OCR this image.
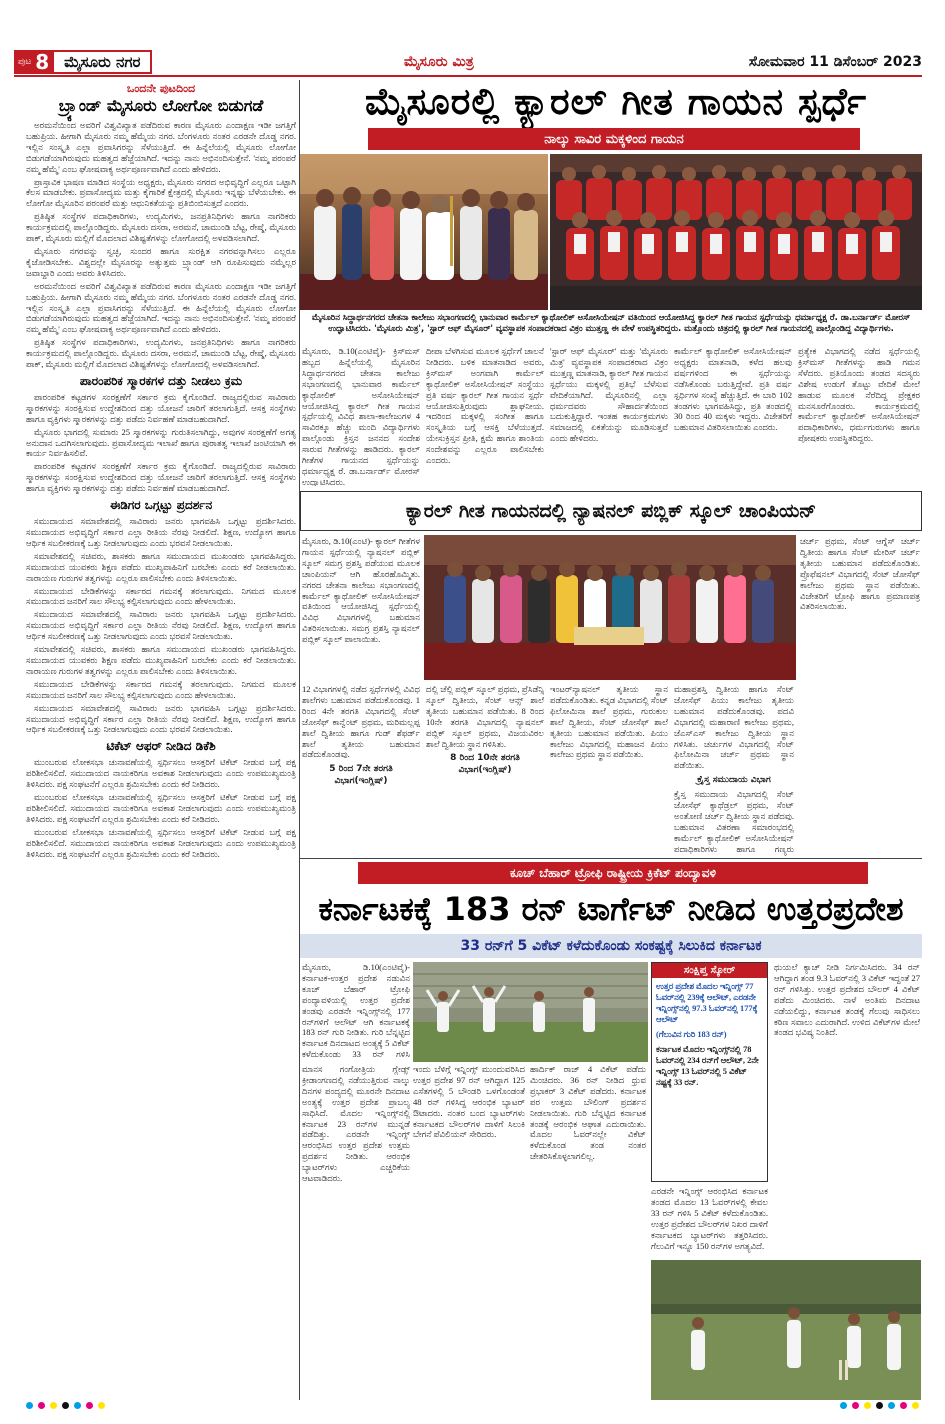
ಪುಟ 8	ಮೈಸೂರು ನಗರ	ಮೈಸೂರು ಮಿತ್ರ	ಸೋಮವಾರ 11 ಡಿಸೆಂಬರ್ 2023
ಒಂದನೇ ಪುಟದಿಂದ
ಬ್ರ್ಯಾಂಡ್ ಮೈಸೂರು ಲೋಗೋ ಬಿಡುಗಡೆ

ಅರಮನೆಯಿಂದ ಅವರಿಗೆ ವಿಶ್ವವಿಖ್ಯಾತ ಪಡೆದಿರುವ ಕಾರಣ ಮೈಸೂರು ಎಂದಾಕ್ಷಣ ಇಡೀ ಜಗತ್ತಿಗೆ ಬಹುಪ್ರಿಯ. ಹೀಗಾಗಿ ಮೈಸೂರು ನಮ್ಮ ಹೆಮ್ಮೆಯ ನಗರ. ಬೆಂಗಳೂರು ನಂತರ ಎರಡನೇ ದೊಡ್ಡ ನಗರ. ಇಲ್ಲಿನ ಸಂಸ್ಕೃತಿ ಎಲ್ಲಾ ಪ್ರವಾಸಿಗರನ್ನು ಸೆಳೆಯುತ್ತಿದೆ. ಈ ಹಿನ್ನೆಲೆಯಲ್ಲಿ ಮೈಸೂರು ಲೋಗೋ ಬಿಡುಗಡೆಯಾಗಿರುವುದು ಮಹತ್ವದ ಹೆಜ್ಜೆಯಾಗಿದೆ. ಇದನ್ನು ನಾನು ಅಭಿನಂದಿಸುತ್ತೇನೆ. 'ನಮ್ಮ ಪರಂಪರೆ ನಮ್ಮ ಹೆಮ್ಮೆ' ಎಂಬ ಘೋಷವಾಕ್ಯ ಅರ್ಥಪೂರ್ಣವಾಗಿದೆ ಎಂದು ಹೇಳಿದರು.

ಪ್ರಾಸ್ತಾವಿಕ ಭಾಷಣ ಮಾಡಿದ ಸಂಸ್ಥೆಯ ಅಧ್ಯಕ್ಷರು, ಮೈಸೂರು ನಗರದ ಅಭಿವೃದ್ಧಿಗೆ ಎಲ್ಲರೂ ಒಟ್ಟಾಗಿ ಕೆಲಸ ಮಾಡಬೇಕು. ಪ್ರವಾಸೋದ್ಯಮ ಮತ್ತು ಕೈಗಾರಿಕೆ ಕ್ಷೇತ್ರದಲ್ಲಿ ಮೈಸೂರು ಇನ್ನಷ್ಟು ಬೆಳೆಯಬೇಕು. ಈ ಲೋಗೋ ಮೈಸೂರಿನ ಪರಂಪರೆ ಮತ್ತು ಆಧುನಿಕತೆಯನ್ನು ಪ್ರತಿಬಿಂಬಿಸುತ್ತದೆ ಎಂದರು.

ಪ್ರತಿಷ್ಠಿತ ಸಂಸ್ಥೆಗಳ ಪದಾಧಿಕಾರಿಗಳು, ಉದ್ಯಮಿಗಳು, ಜನಪ್ರತಿನಿಧಿಗಳು ಹಾಗೂ ನಾಗರಿಕರು ಕಾರ್ಯಕ್ರಮದಲ್ಲಿ ಪಾಲ್ಗೊಂಡಿದ್ದರು. ಮೈಸೂರು ದಸರಾ, ಅರಮನೆ, ಚಾಮುಂಡಿ ಬೆಟ್ಟ, ರೇಷ್ಮೆ, ಮೈಸೂರು ಪಾಕ್, ಮೈಸೂರು ಮಲ್ಲಿಗೆ ಮೊದಲಾದ ವಿಶಿಷ್ಟತೆಗಳನ್ನು ಲೋಗೋದಲ್ಲಿ ಅಳವಡಿಸಲಾಗಿದೆ.

ಮೈಸೂರು ನಗರವನ್ನು ಸ್ವಚ್ಛ, ಸುಂದರ ಹಾಗೂ ಸುರಕ್ಷಿತ ನಗರವನ್ನಾಗಿಸಲು ಎಲ್ಲರೂ ಕೈಜೋಡಿಸಬೇಕು. ವಿಶ್ವದಲ್ಲೇ ಮೈಸೂರನ್ನು ಅತ್ಯುತ್ತಮ ಬ್ರ್ಯಾಂಡ್ ಆಗಿ ರೂಪಿಸುವುದು ನಮ್ಮೆಲ್ಲರ ಜವಾಬ್ದಾರಿ ಎಂದು ಅವರು ತಿಳಿಸಿದರು.

ಅರಮನೆಯಿಂದ ಅವರಿಗೆ ವಿಶ್ವವಿಖ್ಯಾತ ಪಡೆದಿರುವ ಕಾರಣ ಮೈಸೂರು ಎಂದಾಕ್ಷಣ ಇಡೀ ಜಗತ್ತಿಗೆ ಬಹುಪ್ರಿಯ. ಹೀಗಾಗಿ ಮೈಸೂರು ನಮ್ಮ ಹೆಮ್ಮೆಯ ನಗರ. ಬೆಂಗಳೂರು ನಂತರ ಎರಡನೇ ದೊಡ್ಡ ನಗರ. ಇಲ್ಲಿನ ಸಂಸ್ಕೃತಿ ಎಲ್ಲಾ ಪ್ರವಾಸಿಗರನ್ನು ಸೆಳೆಯುತ್ತಿದೆ. ಈ ಹಿನ್ನೆಲೆಯಲ್ಲಿ ಮೈಸೂರು ಲೋಗೋ ಬಿಡುಗಡೆಯಾಗಿರುವುದು ಮಹತ್ವದ ಹೆಜ್ಜೆಯಾಗಿದೆ. ಇದನ್ನು ನಾನು ಅಭಿನಂದಿಸುತ್ತೇನೆ. 'ನಮ್ಮ ಪರಂಪರೆ ನಮ್ಮ ಹೆಮ್ಮೆ' ಎಂಬ ಘೋಷವಾಕ್ಯ ಅರ್ಥಪೂರ್ಣವಾಗಿದೆ ಎಂದು ಹೇಳಿದರು.

ಪ್ರತಿಷ್ಠಿತ ಸಂಸ್ಥೆಗಳ ಪದಾಧಿಕಾರಿಗಳು, ಉದ್ಯಮಿಗಳು, ಜನಪ್ರತಿನಿಧಿಗಳು ಹಾಗೂ ನಾಗರಿಕರು ಕಾರ್ಯಕ್ರಮದಲ್ಲಿ ಪಾಲ್ಗೊಂಡಿದ್ದರು. ಮೈಸೂರು ದಸರಾ, ಅರಮನೆ, ಚಾಮುಂಡಿ ಬೆಟ್ಟ, ರೇಷ್ಮೆ, ಮೈಸೂರು ಪಾಕ್, ಮೈಸೂರು ಮಲ್ಲಿಗೆ ಮೊದಲಾದ ವಿಶಿಷ್ಟತೆಗಳನ್ನು ಲೋಗೋದಲ್ಲಿ ಅಳವಡಿಸಲಾಗಿದೆ.

ಪಾರಂಪರಿಕ ಸ್ಮಾರಕಗಳ ದತ್ತು ನೀಡಲು ಕ್ರಮ

ಪಾರಂಪರಿಕ ಕಟ್ಟಡಗಳ ಸಂರಕ್ಷಣೆಗೆ ಸರ್ಕಾರ ಕ್ರಮ ಕೈಗೊಂಡಿದೆ. ರಾಜ್ಯದಲ್ಲಿರುವ ಸಾವಿರಾರು ಸ್ಮಾರಕಗಳನ್ನು ಸಂರಕ್ಷಿಸುವ ಉದ್ದೇಶದಿಂದ ದತ್ತು ಯೋಜನೆ ಜಾರಿಗೆ ತರಲಾಗುತ್ತಿದೆ. ಆಸಕ್ತ ಸಂಸ್ಥೆಗಳು ಹಾಗೂ ವ್ಯಕ್ತಿಗಳು ಸ್ಮಾರಕಗಳನ್ನು ದತ್ತು ಪಡೆದು ನಿರ್ವಹಣೆ ಮಾಡಬಹುದಾಗಿದೆ.

ಮೈಸೂರು ಭಾಗದಲ್ಲಿ ಸುಮಾರು 25 ಸ್ಮಾರಕಗಳನ್ನು ಗುರುತಿಸಲಾಗಿದ್ದು, ಅವುಗಳ ಸಂರಕ್ಷಣೆಗೆ ಅಗತ್ಯ ಅನುದಾನ ಒದಗಿಸಲಾಗುವುದು. ಪ್ರವಾಸೋದ್ಯಮ ಇಲಾಖೆ ಹಾಗೂ ಪುರಾತತ್ವ ಇಲಾಖೆ ಜಂಟಿಯಾಗಿ ಈ ಕಾರ್ಯ ನಿರ್ವಹಿಸಲಿವೆ.

ಪಾರಂಪರಿಕ ಕಟ್ಟಡಗಳ ಸಂರಕ್ಷಣೆಗೆ ಸರ್ಕಾರ ಕ್ರಮ ಕೈಗೊಂಡಿದೆ. ರಾಜ್ಯದಲ್ಲಿರುವ ಸಾವಿರಾರು ಸ್ಮಾರಕಗಳನ್ನು ಸಂರಕ್ಷಿಸುವ ಉದ್ದೇಶದಿಂದ ದತ್ತು ಯೋಜನೆ ಜಾರಿಗೆ ತರಲಾಗುತ್ತಿದೆ. ಆಸಕ್ತ ಸಂಸ್ಥೆಗಳು ಹಾಗೂ ವ್ಯಕ್ತಿಗಳು ಸ್ಮಾರಕಗಳನ್ನು ದತ್ತು ಪಡೆದು ನಿರ್ವಹಣೆ ಮಾಡಬಹುದಾಗಿದೆ.

ಈಡಿಗರ ಒಗ್ಗಟ್ಟು ಪ್ರದರ್ಶನ

ಸಮುದಾಯದ ಸಮಾವೇಶದಲ್ಲಿ ಸಾವಿರಾರು ಜನರು ಭಾಗವಹಿಸಿ ಒಗ್ಗಟ್ಟು ಪ್ರದರ್ಶಿಸಿದರು. ಸಮುದಾಯದ ಅಭಿವೃದ್ಧಿಗೆ ಸರ್ಕಾರ ಎಲ್ಲಾ ರೀತಿಯ ನೆರವು ನೀಡಲಿದೆ. ಶಿಕ್ಷಣ, ಉದ್ಯೋಗ ಹಾಗೂ ಆರ್ಥಿಕ ಸಬಲೀಕರಣಕ್ಕೆ ಒತ್ತು ನೀಡಲಾಗುವುದು ಎಂದು ಭರವಸೆ ನೀಡಲಾಯಿತು.

ಸಮಾವೇಶದಲ್ಲಿ ಸಚಿವರು, ಶಾಸಕರು ಹಾಗೂ ಸಮುದಾಯದ ಮುಖಂಡರು ಭಾಗವಹಿಸಿದ್ದರು. ಸಮುದಾಯದ ಯುವಕರು ಶಿಕ್ಷಣ ಪಡೆದು ಮುಖ್ಯವಾಹಿನಿಗೆ ಬರಬೇಕು ಎಂದು ಕರೆ ನೀಡಲಾಯಿತು. ನಾರಾಯಣ ಗುರುಗಳ ತತ್ವಗಳನ್ನು ಎಲ್ಲರೂ ಪಾಲಿಸಬೇಕು ಎಂದು ತಿಳಿಸಲಾಯಿತು.

ಸಮುದಾಯದ ಬೇಡಿಕೆಗಳನ್ನು ಸರ್ಕಾರದ ಗಮನಕ್ಕೆ ತರಲಾಗುವುದು. ನಿಗಮದ ಮೂಲಕ ಸಮುದಾಯದ ಜನರಿಗೆ ಸಾಲ ಸೌಲಭ್ಯ ಕಲ್ಪಿಸಲಾಗುವುದು ಎಂದು ಹೇಳಲಾಯಿತು.

ಸಮುದಾಯದ ಸಮಾವೇಶದಲ್ಲಿ ಸಾವಿರಾರು ಜನರು ಭಾಗವಹಿಸಿ ಒಗ್ಗಟ್ಟು ಪ್ರದರ್ಶಿಸಿದರು. ಸಮುದಾಯದ ಅಭಿವೃದ್ಧಿಗೆ ಸರ್ಕಾರ ಎಲ್ಲಾ ರೀತಿಯ ನೆರವು ನೀಡಲಿದೆ. ಶಿಕ್ಷಣ, ಉದ್ಯೋಗ ಹಾಗೂ ಆರ್ಥಿಕ ಸಬಲೀಕರಣಕ್ಕೆ ಒತ್ತು ನೀಡಲಾಗುವುದು ಎಂದು ಭರವಸೆ ನೀಡಲಾಯಿತು.

ಸಮಾವೇಶದಲ್ಲಿ ಸಚಿವರು, ಶಾಸಕರು ಹಾಗೂ ಸಮುದಾಯದ ಮುಖಂಡರು ಭಾಗವಹಿಸಿದ್ದರು. ಸಮುದಾಯದ ಯುವಕರು ಶಿಕ್ಷಣ ಪಡೆದು ಮುಖ್ಯವಾಹಿನಿಗೆ ಬರಬೇಕು ಎಂದು ಕರೆ ನೀಡಲಾಯಿತು. ನಾರಾಯಣ ಗುರುಗಳ ತತ್ವಗಳನ್ನು ಎಲ್ಲರೂ ಪಾಲಿಸಬೇಕು ಎಂದು ತಿಳಿಸಲಾಯಿತು.

ಸಮುದಾಯದ ಬೇಡಿಕೆಗಳನ್ನು ಸರ್ಕಾರದ ಗಮನಕ್ಕೆ ತರಲಾಗುವುದು. ನಿಗಮದ ಮೂಲಕ ಸಮುದಾಯದ ಜನರಿಗೆ ಸಾಲ ಸೌಲಭ್ಯ ಕಲ್ಪಿಸಲಾಗುವುದು ಎಂದು ಹೇಳಲಾಯಿತು.

ಸಮುದಾಯದ ಸಮಾವೇಶದಲ್ಲಿ ಸಾವಿರಾರು ಜನರು ಭಾಗವಹಿಸಿ ಒಗ್ಗಟ್ಟು ಪ್ರದರ್ಶಿಸಿದರು. ಸಮುದಾಯದ ಅಭಿವೃದ್ಧಿಗೆ ಸರ್ಕಾರ ಎಲ್ಲಾ ರೀತಿಯ ನೆರವು ನೀಡಲಿದೆ. ಶಿಕ್ಷಣ, ಉದ್ಯೋಗ ಹಾಗೂ ಆರ್ಥಿಕ ಸಬಲೀಕರಣಕ್ಕೆ ಒತ್ತು ನೀಡಲಾಗುವುದು ಎಂದು ಭರವಸೆ ನೀಡಲಾಯಿತು.

ಟಿಕೆಟ್ ಆಫರ್ ನೀಡಿದ ಡಿಕೆಶಿ

ಮುಂಬರುವ ಲೋಕಸಭಾ ಚುನಾವಣೆಯಲ್ಲಿ ಸ್ಪರ್ಧಿಸಲು ಆಸಕ್ತರಿಗೆ ಟಿಕೆಟ್ ನೀಡುವ ಬಗ್ಗೆ ಪಕ್ಷ ಪರಿಶೀಲಿಸಲಿದೆ. ಸಮುದಾಯದ ನಾಯಕರಿಗೂ ಅವಕಾಶ ನೀಡಲಾಗುವುದು ಎಂದು ಉಪಮುಖ್ಯಮಂತ್ರಿ ತಿಳಿಸಿದರು. ಪಕ್ಷ ಸಂಘಟನೆಗೆ ಎಲ್ಲರೂ ಶ್ರಮಿಸಬೇಕು ಎಂದು ಕರೆ ನೀಡಿದರು.

ಮುಂಬರುವ ಲೋಕಸಭಾ ಚುನಾವಣೆಯಲ್ಲಿ ಸ್ಪರ್ಧಿಸಲು ಆಸಕ್ತರಿಗೆ ಟಿಕೆಟ್ ನೀಡುವ ಬಗ್ಗೆ ಪಕ್ಷ ಪರಿಶೀಲಿಸಲಿದೆ. ಸಮುದಾಯದ ನಾಯಕರಿಗೂ ಅವಕಾಶ ನೀಡಲಾಗುವುದು ಎಂದು ಉಪಮುಖ್ಯಮಂತ್ರಿ ತಿಳಿಸಿದರು. ಪಕ್ಷ ಸಂಘಟನೆಗೆ ಎಲ್ಲರೂ ಶ್ರಮಿಸಬೇಕು ಎಂದು ಕರೆ ನೀಡಿದರು.

ಮುಂಬರುವ ಲೋಕಸಭಾ ಚುನಾವಣೆಯಲ್ಲಿ ಸ್ಪರ್ಧಿಸಲು ಆಸಕ್ತರಿಗೆ ಟಿಕೆಟ್ ನೀಡುವ ಬಗ್ಗೆ ಪಕ್ಷ ಪರಿಶೀಲಿಸಲಿದೆ. ಸಮುದಾಯದ ನಾಯಕರಿಗೂ ಅವಕಾಶ ನೀಡಲಾಗುವುದು ಎಂದು ಉಪಮುಖ್ಯಮಂತ್ರಿ ತಿಳಿಸಿದರು. ಪಕ್ಷ ಸಂಘಟನೆಗೆ ಎಲ್ಲರೂ ಶ್ರಮಿಸಬೇಕು ಎಂದು ಕರೆ ನೀಡಿದರು.

ಮೈಸೂರಲ್ಲಿ ಕ್ಯಾರಲ್ ಗೀತ ಗಾಯನ ಸ್ಪರ್ಧೆ
ನಾಲ್ಕು ಸಾವಿರ ಮಕ್ಕಳಿಂದ ಗಾಯನ
ಮೈಸೂರಿನ ಸಿದ್ಧಾರ್ಥನಗರದ ಚೇತನಾ ಕಾಲೇಜು ಸಭಾಂಗಣದಲ್ಲಿ ಭಾನುವಾರ ಕಾರ್ಮೆಲ್ ಕ್ಯಾಥೋಲಿಕ್ ಅಸೋಸಿಯೇಷನ್ ವತಿಯಿಂದ ಆಯೋಜಿಸಿದ್ದ ಕ್ಯಾರಲ್ ಗೀತ ಗಾಯನ ಸ್ಪರ್ಧೆಯನ್ನು ಧರ್ಮಾಧ್ಯಕ್ಷ ರೆ. ಡಾ.ಬರ್ನಾರ್ಡ್ ಮೋರಸ್ ಉದ್ಘಾಟಿಸಿದರು. 'ಮೈಸೂರು ಮಿತ್ರ', 'ಸ್ಟಾರ್ ಆಫ್ ಮೈಸೂರ್' ವ್ಯವಸ್ಥಾಪಕ ಸಂಪಾದಕರಾದ ವಿಕ್ರಂ ಮುತ್ತಣ್ಣ ಈ ವೇಳೆ ಉಪಸ್ಥಿತರಿದ್ದರು. ಮತ್ತೊಂದು ಚಿತ್ರದಲ್ಲಿ ಕ್ಯಾರಲ್ ಗೀತ ಗಾಯನದಲ್ಲಿ ಪಾಲ್ಗೊಂಡಿದ್ದ ವಿದ್ಯಾರ್ಥಿಗಳು.
ಮೈಸೂರು, ಡಿ.10(ಎಂಟಿವೈ)- ಕ್ರಿಸ್‍ಮಸ್ ಹಬ್ಬದ ಹಿನ್ನೆಲೆಯಲ್ಲಿ ಮೈಸೂರಿನ ಸಿದ್ಧಾರ್ಥನಗರದ ಚೇತನಾ ಕಾಲೇಜು ಸಭಾಂಗಣದಲ್ಲಿ ಭಾನುವಾರ ಕಾರ್ಮೆಲ್ ಕ್ಯಾಥೋಲಿಕ್ ಅಸೋಸಿಯೇಷನ್ ಆಯೋಜಿಸಿದ್ದ ಕ್ಯಾರಲ್ ಗೀತ ಗಾಯನ ಸ್ಪರ್ಧೆಯಲ್ಲಿ ವಿವಿಧ ಶಾಲಾ-ಕಾಲೇಜುಗಳ 4 ಸಾವಿರಕ್ಕೂ ಹೆಚ್ಚು ಮಂದಿ ವಿದ್ಯಾರ್ಥಿಗಳು ಪಾಲ್ಗೊಂಡು ಕ್ರಿಸ್ತನ ಜನನದ ಸಂದೇಶ ಸಾರುವ ಗೀತೆಗಳನ್ನು ಹಾಡಿದರು. ಕ್ಯಾರಲ್ ಗೀತೆಗಳ ಗಾಯನದ ಸ್ಪರ್ಧೆಯನ್ನು ಧರ್ಮಾಧ್ಯಕ್ಷ ರೆ. ಡಾ.ಬರ್ನಾರ್ಡ್ ಮೋರಸ್ ಉದ್ಘಾಟಿಸಿದರು.
ದೀಪಾ ಬೆಳಗಿಸುವ ಮೂಲಕ ಸ್ಪರ್ಧೆಗೆ ಚಾಲನೆ ನೀಡಿದರು. ಬಳಿಕ ಮಾತನಾಡಿದ ಅವರು, ಕ್ರಿಸ್‍ಮಸ್ ಅಂಗವಾಗಿ ಕಾರ್ಮೆಲ್ ಕ್ಯಾಥೋಲಿಕ್ ಅಸೋಸಿಯೇಷನ್ ಸಂಸ್ಥೆಯು ಪ್ರತಿ ವರ್ಷ ಕ್ಯಾರಲ್ ಗೀತ ಗಾಯನ ಸ್ಪರ್ಧೆ ಆಯೋಜಿಸುತ್ತಿರುವುದು ಶ್ಲಾಘನೀಯ. ಇದರಿಂದ ಮಕ್ಕಳಲ್ಲಿ ಸಂಗೀತ ಹಾಗೂ ಸಂಸ್ಕೃತಿಯ ಬಗ್ಗೆ ಆಸಕ್ತಿ ಬೆಳೆಯುತ್ತದೆ. ಯೇಸುಕ್ರಿಸ್ತನ ಪ್ರೀತಿ, ಕ್ಷಮೆ ಹಾಗೂ ಶಾಂತಿಯ ಸಂದೇಶವನ್ನು ಎಲ್ಲರೂ ಪಾಲಿಸಬೇಕು ಎಂದರು.
'ಸ್ಟಾರ್ ಆಫ್ ಮೈಸೂರ್' ಮತ್ತು 'ಮೈಸೂರು ಮಿತ್ರ' ವ್ಯವಸ್ಥಾಪಕ ಸಂಪಾದಕರಾದ ವಿಕ್ರಂ ಮುತ್ತಣ್ಣ ಮಾತನಾಡಿ, ಕ್ಯಾರಲ್ ಗೀತ ಗಾಯನ ಸ್ಪರ್ಧೆಯು ಮಕ್ಕಳಲ್ಲಿ ಪ್ರತಿಭೆ ಬೆಳೆಸುವ ವೇದಿಕೆಯಾಗಿದೆ. ಮೈಸೂರಿನಲ್ಲಿ ಎಲ್ಲಾ ಧರ್ಮದವರು ಸೌಹಾರ್ದತೆಯಿಂದ ಬದುಕುತ್ತಿದ್ದಾರೆ. ಇಂತಹ ಕಾರ್ಯಕ್ರಮಗಳು ಸಮಾಜದಲ್ಲಿ ಏಕತೆಯನ್ನು ಮೂಡಿಸುತ್ತವೆ ಎಂದು ಹೇಳಿದರು.
ಕಾರ್ಮೆಲ್ ಕ್ಯಾಥೋಲಿಕ್ ಅಸೋಸಿಯೇಷನ್ ಅಧ್ಯಕ್ಷರು ಮಾತನಾಡಿ, ಕಳೆದ ಹಲವು ವರ್ಷಗಳಿಂದ ಈ ಸ್ಪರ್ಧೆಯನ್ನು ನಡೆಸಿಕೊಂಡು ಬರುತ್ತಿದ್ದೇವೆ. ಪ್ರತಿ ವರ್ಷ ಸ್ಪರ್ಧಿಗಳ ಸಂಖ್ಯೆ ಹೆಚ್ಚುತ್ತಿದೆ. ಈ ಬಾರಿ 102 ತಂಡಗಳು ಭಾಗವಹಿಸಿದ್ದು, ಪ್ರತಿ ತಂಡದಲ್ಲಿ 30 ರಿಂದ 40 ಮಕ್ಕಳು ಇದ್ದರು. ವಿಜೇತರಿಗೆ ಬಹುಮಾನ ವಿತರಿಸಲಾಯಿತು ಎಂದರು.
ಪ್ರತ್ಯೇಕ ವಿಭಾಗದಲ್ಲಿ ನಡೆದ ಸ್ಪರ್ಧೆಯಲ್ಲಿ ಕ್ರಿಸ್‍ಮಸ್ ಗೀತೆಗಳನ್ನು ಹಾಡಿ ಗಮನ ಸೆಳೆದರು. ಪ್ರತಿಯೊಂದು ತಂಡದ ಸದಸ್ಯರು ವಿಶೇಷ ಉಡುಗೆ ತೊಟ್ಟು ವೇದಿಕೆ ಮೇಲೆ ಹಾಡುವ ಮೂಲಕ ನೆರೆದಿದ್ದ ಪ್ರೇಕ್ಷಕರ ಮನಸೂರೆಗೊಂಡರು. ಕಾರ್ಯಕ್ರಮದಲ್ಲಿ ಕಾರ್ಮೆಲ್ ಕ್ಯಾಥೋಲಿಕ್ ಅಸೋಸಿಯೇಷನ್ ಪದಾಧಿಕಾರಿಗಳು, ಧರ್ಮಗುರುಗಳು ಹಾಗೂ ಪೋಷಕರು ಉಪಸ್ಥಿತರಿದ್ದರು.
ಕ್ಯಾರಲ್ ಗೀತ ಗಾಯನದಲ್ಲಿ ನ್ಯಾಷನಲ್ ಪಬ್ಲಿಕ್ ಸ್ಕೂಲ್ ಚಾಂಪಿಯನ್
ಮೈಸೂರು, ಡಿ.10(ಎಂಟಿ)- ಕ್ಯಾರಲ್ ಗೀತೆಗಳ ಗಾಯನ ಸ್ಪರ್ಧೆಯಲ್ಲಿ ನ್ಯಾಷನಲ್ ಪಬ್ಲಿಕ್ ಸ್ಕೂಲ್ ಸಮಗ್ರ ಪ್ರಶಸ್ತಿ ಪಡೆಯುವ ಮೂಲಕ ಚಾಂಪಿಯನ್ ಆಗಿ ಹೊರಹೊಮ್ಮಿತು. ನಗರದ ಚೇತನಾ ಕಾಲೇಜು ಸಭಾಂಗಣದಲ್ಲಿ ಕಾರ್ಮೆಲ್ ಕ್ಯಾಥೋಲಿಕ್ ಅಸೋಸಿಯೇಷನ್ ವತಿಯಿಂದ ಆಯೋಜಿಸಿದ್ದ ಸ್ಪರ್ಧೆಯಲ್ಲಿ ವಿವಿಧ ವಿಭಾಗಗಳಲ್ಲಿ ಬಹುಮಾನ ವಿತರಿಸಲಾಯಿತು. ಸಮಗ್ರ ಪ್ರಶಸ್ತಿ ನ್ಯಾಷನಲ್ ಪಬ್ಲಿಕ್ ಸ್ಕೂಲ್ ಪಾಲಾಯಿತು.
ಚರ್ಚ್ ಪ್ರಥಮ, ಸೆಂಟ್ ಆಗ್ನೆಸ್ ಚರ್ಚ್ ದ್ವಿತೀಯ ಹಾಗೂ ಸೆಂಟ್ ಮೇರಿಸ್ ಚರ್ಚ್ ತೃತೀಯ ಬಹುಮಾನ ಪಡೆದುಕೊಂಡಿತು. ಪ್ರೊಫೆಷನಲ್ ವಿಭಾಗದಲ್ಲಿ ಸೆಂಟ್ ಜೋಸೆಫ್ ಕಾಲೇಜು ಪ್ರಥಮ ಸ್ಥಾನ ಪಡೆಯಿತು. ವಿಜೇತರಿಗೆ ಟ್ರೋಫಿ ಹಾಗೂ ಪ್ರಮಾಣಪತ್ರ ವಿತರಿಸಲಾಯಿತು.
12 ವಿಭಾಗಗಳಲ್ಲಿ ನಡೆದ ಸ್ಪರ್ಧೆಗಳಲ್ಲಿ ವಿವಿಧ ಶಾಲೆಗಳು ಬಹುಮಾನ ಪಡೆದುಕೊಂಡವು. 1 ರಿಂದ 4ನೇ ತರಗತಿ ವಿಭಾಗದಲ್ಲಿ ಸೆಂಟ್ ಜೋಸೆಫ್ ಕಾನ್ವೆಂಟ್ ಪ್ರಥಮ, ಮರಿಮಲ್ಲಪ್ಪ ಶಾಲೆ ದ್ವಿತೀಯ ಹಾಗೂ ಗುಡ್ ಶೆಫರ್ಡ್ ಶಾಲೆ ತೃತೀಯ ಬಹುಮಾನ ಪಡೆದುಕೊಂಡವು.
5 ರಿಂದ 7ನೇ ತರಗತಿ ವಿಭಾಗ(ಇಂಗ್ಲಿಷ್)
ದಲ್ಲಿ ಚೆಲ್ಲಿ ಪಬ್ಲಿಕ್ ಸ್ಕೂಲ್ ಪ್ರಥಮ, ಪ್ರೆಸಿಡೆನ್ಸಿ ಸ್ಕೂಲ್ ದ್ವಿತೀಯ, ಸೆಂಟ್ ಆನ್ಸ್ ಶಾಲೆ ತೃತೀಯ ಬಹುಮಾನ ಪಡೆಯಿತು. 8 ರಿಂದ 10ನೇ ತರಗತಿ ವಿಭಾಗದಲ್ಲಿ ನ್ಯಾಷನಲ್ ಪಬ್ಲಿಕ್ ಸ್ಕೂಲ್ ಪ್ರಥಮ, ವಿಜಯವಿಠಲ ಶಾಲೆ ದ್ವಿತೀಯ ಸ್ಥಾನ ಗಳಿಸಿತು.
8 ರಿಂದ 10ನೇ ತರಗತಿ ವಿಭಾಗ(ಇಂಗ್ಲಿಷ್)
ಇಂಟರ್‌ನ್ಯಾಷನಲ್ ತೃತೀಯ ಸ್ಥಾನ ಪಡೆದುಕೊಂಡಿತು. ಕನ್ನಡ ವಿಭಾಗದಲ್ಲಿ ಸೆಂಟ್ ಫಿಲೋಮಿನಾ ಶಾಲೆ ಪ್ರಥಮ, ಗುರುಕುಲ ಶಾಲೆ ದ್ವಿತೀಯ, ಸೆಂಟ್ ಜೋಸೆಫ್ ಶಾಲೆ ತೃತೀಯ ಬಹುಮಾನ ಪಡೆಯಿತು. ಪಿಯು ಕಾಲೇಜು ವಿಭಾಗದಲ್ಲಿ ಮಹಾಜನ ಪಿಯು ಕಾಲೇಜು ಪ್ರಥಮ ಸ್ಥಾನ ಪಡೆಯಿತು.
ಮಹಾಪ್ರಶಸ್ತಿ ದ್ವಿತೀಯ ಹಾಗೂ ಸೆಂಟ್ ಜೋಸೆಫ್ ಪಿಯು ಕಾಲೇಜು ತೃತೀಯ ಬಹುಮಾನ ಪಡೆದುಕೊಂಡವು. ಪದವಿ ವಿಭಾಗದಲ್ಲಿ ಮಹಾರಾಣಿ ಕಾಲೇಜು ಪ್ರಥಮ, ಜೆಎಸ್ಎಸ್ ಕಾಲೇಜು ದ್ವಿತೀಯ ಸ್ಥಾನ ಗಳಿಸಿತು. ಚರ್ಚುಗಳ ವಿಭಾಗದಲ್ಲಿ ಸೆಂಟ್ ಫಿಲೋಮಿನಾ ಚರ್ಚ್ ಪ್ರಥಮ ಸ್ಥಾನ ಪಡೆಯಿತು.
ಕ್ರೈಸ್ತ ಸಮುದಾಯ ವಿಭಾಗ
ಕ್ರೈಸ್ತ ಸಮುದಾಯ ವಿಭಾಗದಲ್ಲಿ ಸೆಂಟ್ ಜೋಸೆಫ್ ಕ್ಯಾಥೆಡ್ರಲ್ ಪ್ರಥಮ, ಸೆಂಟ್ ಅಂತೋಣಿ ಚರ್ಚ್ ದ್ವಿತೀಯ ಸ್ಥಾನ ಪಡೆದವು. ಬಹುಮಾನ ವಿತರಣಾ ಸಮಾರಂಭದಲ್ಲಿ ಕಾರ್ಮೆಲ್ ಕ್ಯಾಥೋಲಿಕ್ ಅಸೋಸಿಯೇಷನ್ ಪದಾಧಿಕಾರಿಗಳು ಹಾಗೂ ಗಣ್ಯರು
ಕೂಚ್ ಬೆಹಾರ್ ಟ್ರೋಫಿ ರಾಷ್ಟ್ರೀಯ ಕ್ರಿಕೆಟ್ ಪಂದ್ಯಾವಳಿ
ಕರ್ನಾಟಕಕ್ಕೆ 183 ರನ್ ಟಾರ್ಗೆಟ್ ನೀಡಿದ ಉತ್ತರಪ್ರದೇಶ
33 ರನ್‌ಗೆ 5 ವಿಕೆಟ್ ಕಳೆದುಕೊಂಡು ಸಂಕಷ್ಟಕ್ಕೆ ಸಿಲುಕಿದ ಕರ್ನಾಟಕ
ಮೈಸೂರು, ಡಿ.10(ಎಂಟಿವೈ)- ಕರ್ನಾಟಕ-ಉತ್ತರ ಪ್ರದೇಶ ನಡುವಿನ ಕೂಚ್ ಬೆಹಾರ್ ಟ್ರೋಫಿ ಪಂದ್ಯಾವಳಿಯಲ್ಲಿ ಉತ್ತರ ಪ್ರದೇಶ ತಂಡವು ಎರಡನೇ ಇನ್ನಿಂಗ್ಸ್‌ನಲ್ಲಿ 177 ರನ್‌ಗಳಿಗೆ ಆಲೌಟ್ ಆಗಿ ಕರ್ನಾಟಕಕ್ಕೆ 183 ರನ್ ಗುರಿ ನೀಡಿತು. ಗುರಿ ಬೆನ್ನಟ್ಟಿದ ಕರ್ನಾಟಕ ದಿನದಾಟದ ಅಂತ್ಯಕ್ಕೆ 5 ವಿಕೆಟ್ ಕಳೆದುಕೊಂಡು 33 ರನ್ ಗಳಿಸಿ
ಸಂಕ್ಷಿಪ್ತ ಸ್ಕೋರ್
ಉತ್ತರ ಪ್ರದೇಶ ಮೊದಲ ಇನ್ನಿಂಗ್ಸ್ 77 ಓವರ್‌ನಲ್ಲಿ 239ಕ್ಕೆ ಆಲೌಟ್, ಎರಡನೇ ಇನ್ನಿಂಗ್ಸ್‌ನಲ್ಲಿ 97.3 ಓವರ್‌ನಲ್ಲಿ 177ಕ್ಕೆ ಆಲೌಟ್
(ಗೆಲುವಿನ ಗುರಿ 183 ರನ್)
ಕರ್ನಾಟಕ ಮೊದಲ ಇನ್ನಿಂಗ್ಸ್‌ನಲ್ಲಿ 78 ಓವರ್‌ನಲ್ಲಿ 234 ರನ್‌ಗೆ ಆಲೌಟ್, 2ನೇ ಇನ್ನಿಂಗ್ಸ್ 13 ಓವರ್‌ನಲ್ಲಿ 5 ವಿಕೆಟ್ ನಷ್ಟಕ್ಕೆ 33 ರನ್.
ಮಾನಸ ಗಂಗೋತ್ರಿಯ ಗ್ಲೇಡ್ಸ್ ಕ್ರೀಡಾಂಗಣದಲ್ಲಿ ನಡೆಯುತ್ತಿರುವ ನಾಲ್ಕು ದಿನಗಳ ಪಂದ್ಯದಲ್ಲಿ ಮೂರನೇ ದಿನದಾಟ ಅಂತ್ಯಕ್ಕೆ ಉತ್ತರ ಪ್ರದೇಶ ಪ್ರಾಬಲ್ಯ ಸಾಧಿಸಿದೆ. ಮೊದಲ ಇನ್ನಿಂಗ್ಸ್‌ನಲ್ಲಿ ಕರ್ನಾಟಕ 23 ರನ್‌ಗಳ ಮುನ್ನಡೆ ಪಡೆದಿತ್ತು. ಎರಡನೇ ಇನ್ನಿಂಗ್ಸ್ ಆರಂಭಿಸಿದ ಉತ್ತರ ಪ್ರದೇಶ ಉತ್ತಮ ಪ್ರದರ್ಶನ ನೀಡಿತು. ಆರಂಭಿಕ ಬ್ಯಾಟರ್‌ಗಳು ಎಚ್ಚರಿಕೆಯ ಆಟವಾಡಿದರು.
ಇಂದು ಬೆಳಿಗ್ಗೆ ಇನ್ನಿಂಗ್ಸ್ ಮುಂದುವರಿಸಿದ ಉತ್ತರ ಪ್ರದೇಶ 97 ರನ್ ಆಗಿದ್ದಾಗ 125 ಎಸೆತಗಳಲ್ಲಿ 5 ಬೌಂಡರಿ ಒಳಗೊಂಡಂತೆ 48 ರನ್ ಗಳಿಸಿದ್ದ ಆರಂಭಿಕ ಬ್ಯಾಟರ್ ಔಟಾದರು. ನಂತರ ಬಂದ ಬ್ಯಾಟರ್‌ಗಳು ಕರ್ನಾಟಕದ ಬೌಲರ್‌ಗಳ ದಾಳಿಗೆ ಸಿಲುಕಿ ಬೇಗನೆ ಪೆವಿಲಿಯನ್ ಸೇರಿದರು.
ಹಾರ್ದಿಕ್ ರಾಜ್ 4 ವಿಕೆಟ್ ಪಡೆದು ಮಿಂಚಿದರು. 36 ರನ್ ನೀಡಿದ ಧ್ರುವ ಪ್ರಭಾಕರ್ 3 ವಿಕೆಟ್ ಪಡೆದರು. ಕರ್ನಾಟಕ ಪರ ಉತ್ತಮ ಬೌಲಿಂಗ್ ಪ್ರದರ್ಶನ ನೀಡಲಾಯಿತು. ಗುರಿ ಬೆನ್ನಟ್ಟಿದ ಕರ್ನಾಟಕ ತಂಡಕ್ಕೆ ಆರಂಭಿಕ ಆಘಾತ ಎದುರಾಯಿತು. ಮೊದಲ ಓವರ್‌ನಲ್ಲೇ ವಿಕೆಟ್ ಕಳೆದುಕೊಂಡ ತಂಡ ನಂತರ ಚೇತರಿಸಿಕೊಳ್ಳಲಾಗಲಿಲ್ಲ.
ಎರಡನೇ ಇನ್ನಿಂಗ್ಸ್ ಆರಂಭಿಸಿದ ಕರ್ನಾಟಕ ತಂಡದ ಮೊದಲ 13 ಓವರ್‌ಗಳಲ್ಲಿ ಕೇವಲ 33 ರನ್ ಗಳಿಸಿ 5 ವಿಕೆಟ್ ಕಳೆದುಕೊಂಡಿತು. ಉತ್ತರ ಪ್ರದೇಶದ ಬೌಲರ್‌ಗಳ ನಿಖರ ದಾಳಿಗೆ ಕರ್ನಾಟಕದ ಬ್ಯಾಟರ್‌ಗಳು ತತ್ತರಿಸಿದರು. ಗೆಲುವಿಗೆ ಇನ್ನೂ 150 ರನ್‌ಗಳ ಅಗತ್ಯವಿದೆ.
ಥುಯಲೆ ಕ್ಯಾಚ್ ನೀಡಿ ನಿರ್ಗಮಿಸಿದರು. 34 ರನ್ ಆಗಿದ್ದಾಗ ತಂಡ 9.3 ಓವರ್‌ನಲ್ಲಿ 3 ವಿಕೆಟ್ ಇದ್ದಂತೆ 27 ರನ್ ಗಳಿಸಿತ್ತು. ಉತ್ತರ ಪ್ರದೇಶದ ಬೌಲರ್ 4 ವಿಕೆಟ್ ಪಡೆದು ಮಿಂಚಿದರು. ನಾಳೆ ಅಂತಿಮ ದಿನದಾಟ ನಡೆಯಲಿದ್ದು, ಕರ್ನಾಟಕ ತಂಡಕ್ಕೆ ಗೆಲುವು ಸಾಧಿಸಲು ಕಠಿಣ ಸವಾಲು ಎದುರಾಗಿದೆ. ಉಳಿದ ವಿಕೆಟ್‌ಗಳ ಮೇಲೆ ತಂಡದ ಭವಿಷ್ಯ ನಿಂತಿದೆ.
